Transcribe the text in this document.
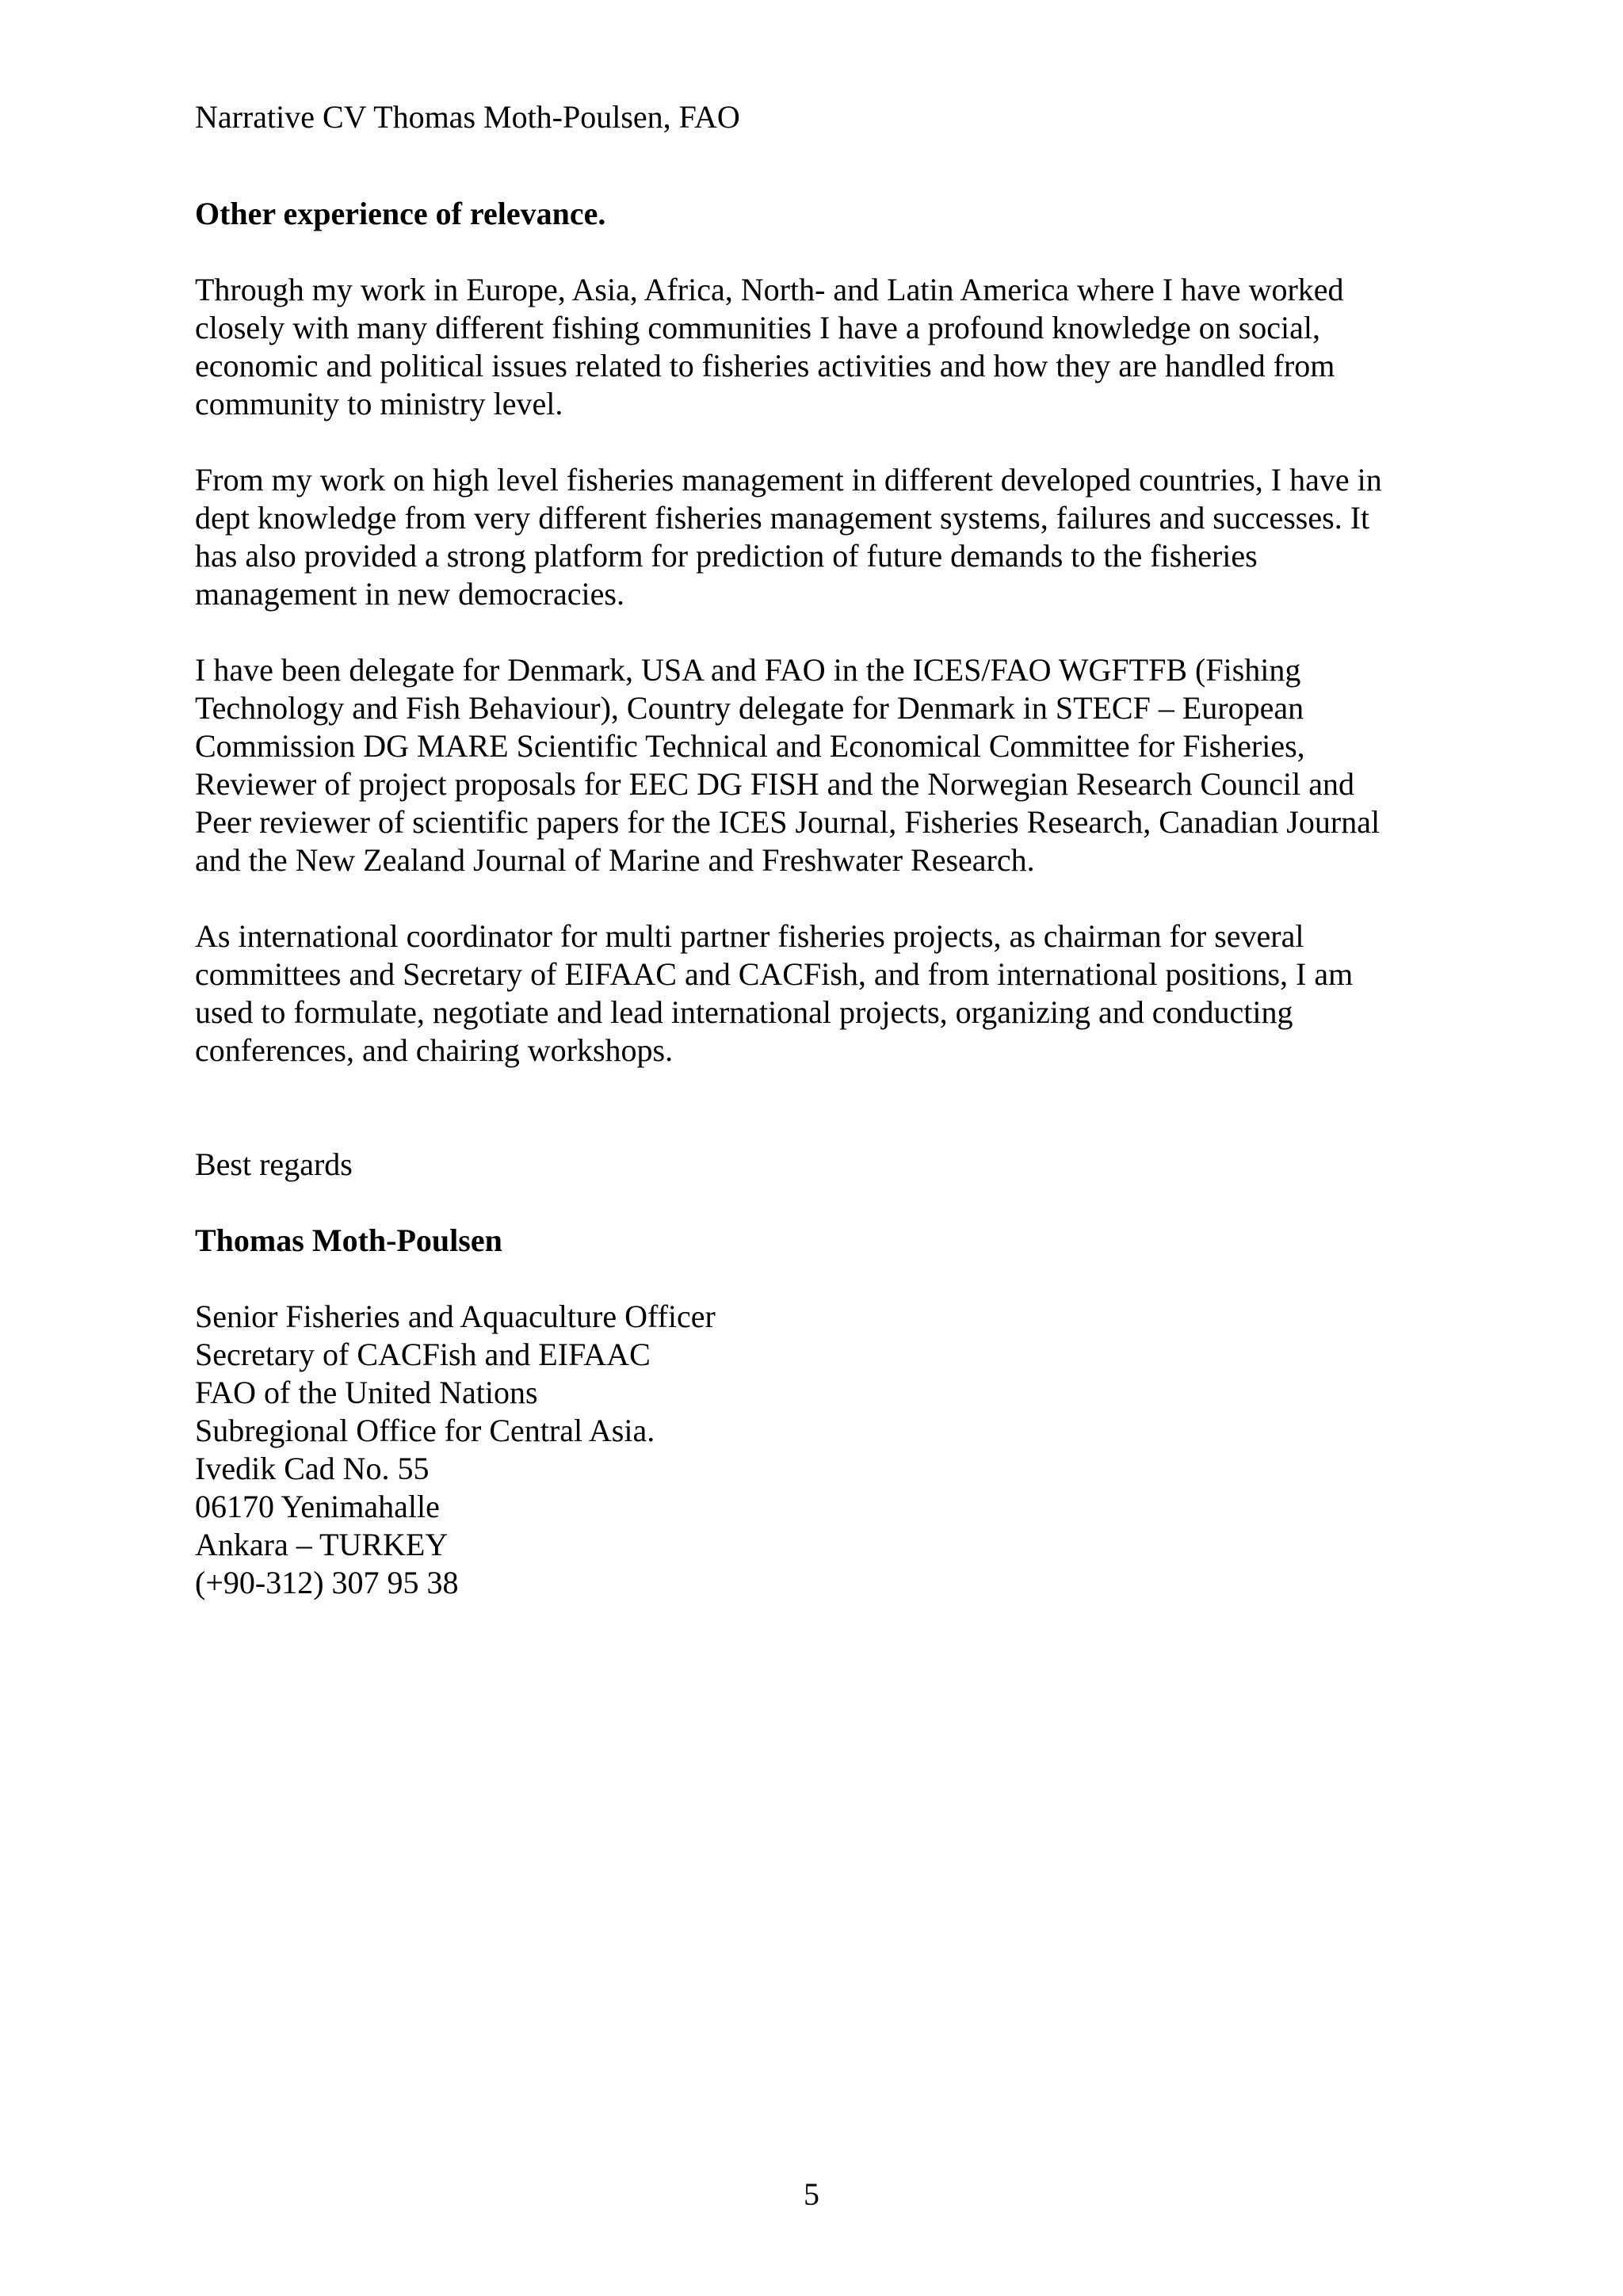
Narrative CV Thomas Moth-Poulsen, FAO
Other experience of relevance.
Through my work in Europe, Asia, Africa, North- and Latin America where I have worked
closely with many different fishing communities I have a profound knowledge on social,
economic and political issues related to fisheries activities and how they are handled from
community to ministry level.
From my work on high level fisheries management in different developed countries, I have in
dept knowledge from very different fisheries management systems, failures and successes. It
has also provided a strong platform for prediction of future demands to the fisheries
management in new democracies.
I have been delegate for Denmark, USA and FAO in the ICES/FAO WGFTFB (Fishing
Technology and Fish Behaviour), Country delegate for Denmark in STECF – European
Commission DG MARE Scientific Technical and Economical Committee for Fisheries,
Reviewer of project proposals for EEC DG FISH and the Norwegian Research Council and
Peer reviewer of scientific papers for the ICES Journal, Fisheries Research, Canadian Journal
and the New Zealand Journal of Marine and Freshwater Research.
As international coordinator for multi partner fisheries projects, as chairman for several
committees and Secretary of EIFAAC and CACFish, and from international positions, I am
used to formulate, negotiate and lead international projects, organizing and conducting
conferences, and chairing workshops.
Best regards
Thomas Moth-Poulsen
Senior Fisheries and Aquaculture Officer
Secretary of CACFish and EIFAAC
FAO of the United Nations
Subregional Office for Central Asia.
Ivedik Cad No. 55
06170 Yenimahalle
Ankara – TURKEY
(+90-312) 307 95 38
5
